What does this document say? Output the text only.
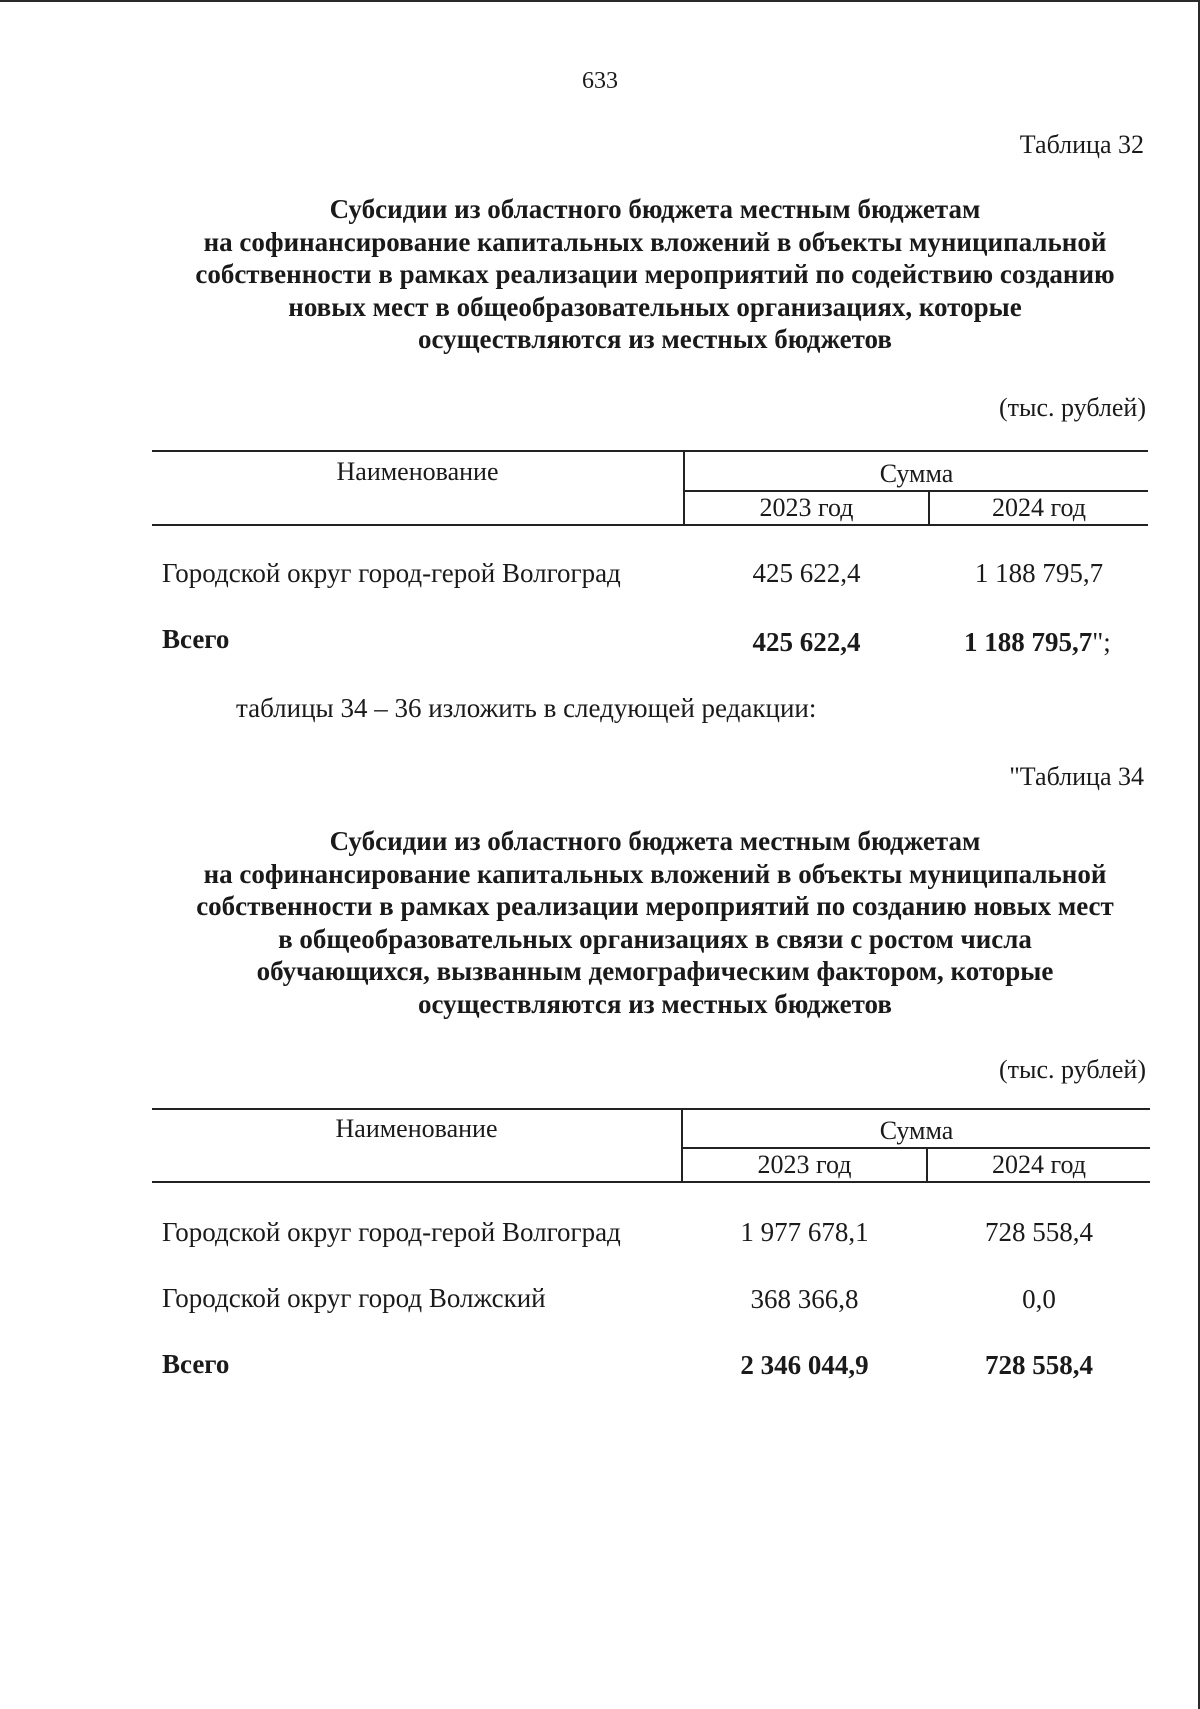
633
Таблица 32
Субсидии из областного бюджета местным бюджетам
на софинансирование капитальных вложений в объекты муниципальной
собственности в рамках реализации мероприятий по содействию созданию
новых мест в общеобразовательных организациях, которые
осуществляются из местных бюджетов
(тыс. рублей)
Наименование	Сумма
2023 год	2024 год
Городской округ город-герой Волгоград	425 622,4	1 188 795,7
Всего	425 622,4	1 188 795,7";
таблицы 34 – 36 изложить в следующей редакции:
"Таблица 34
Субсидии из областного бюджета местным бюджетам
на софинансирование капитальных вложений в объекты муниципальной
собственности в рамках реализации мероприятий по созданию новых мест
в общеобразовательных организациях в связи с ростом числа
обучающихся, вызванным демографическим фактором, которые
осуществляются из местных бюджетов
(тыс. рублей)
Наименование	Сумма
2023 год	2024 год
Городской округ город-герой Волгоград	1 977 678,1	728 558,4
Городской округ город Волжский	368 366,8	0,0
Всего	2 346 044,9	728 558,4
